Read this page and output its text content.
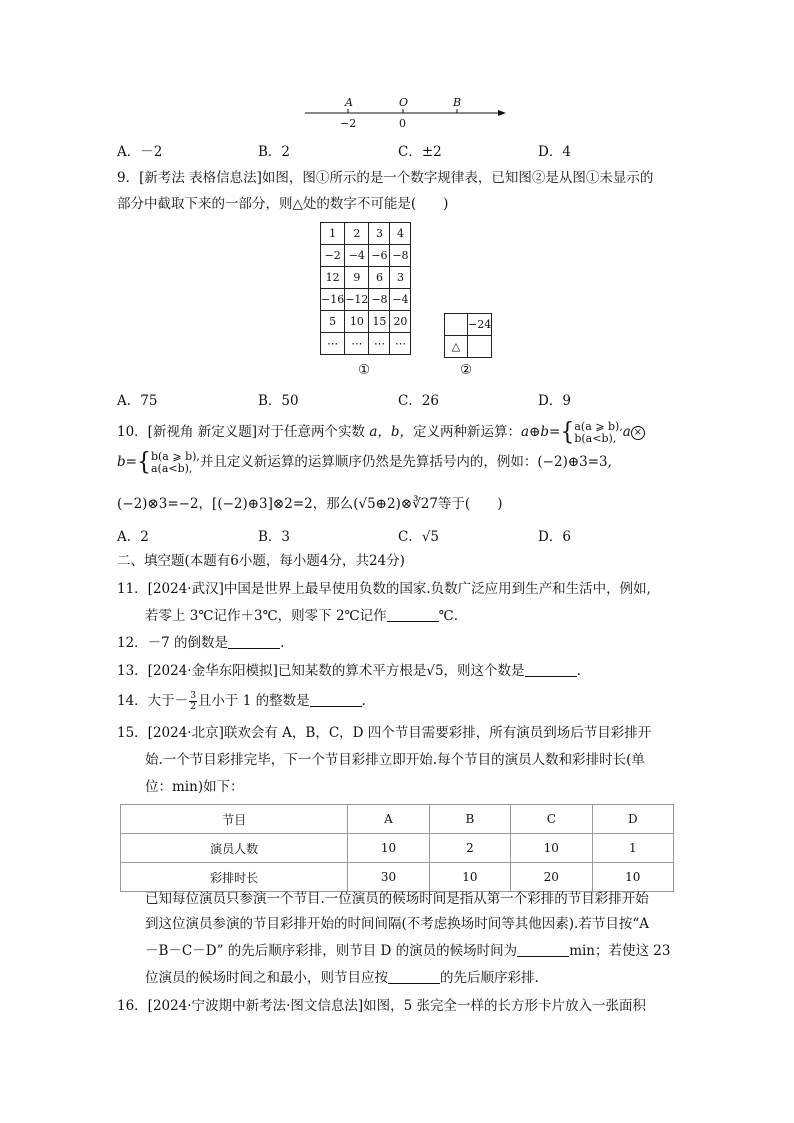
A	O	B
−2	0
A．－2	B．2	C．±2	D．4
9．[新考法 表格信息法]如图，图①所示的是一个数字规律表，已知图②是从图①未显示的
部分中截取下来的一部分，则△处的数字不可能是(　　)
1	2	3	4
−2	−4	−6	−8
12	9	6	3
−16	−12	−8	−4
5	10	15	20
⋯	⋯	⋯	⋯
	−24
△	
①	②
A．75	B．50	C．26	D．9
10．[新视角 新定义题]对于任意两个实数 a，b，定义两种新运算：a⊕b={ a(a ⩾ b),
b(a<b), a ×
b={ b(a ⩾ b),
a(a<b), 并且定义新运算的运算顺序仍然是先算括号内的，例如：(−2)⊕3=3,
(−2)⊗3=−2，[(−2)⊕3]⊗2=2，那么(√5⊕2)⊗∛27等于(　　)
A．2	B．3	C．√5	D．6
二、填空题(本题有6小题，每小题4分，共24分)
11．[2024·武汉]中国是世界上最早使用负数的国家.负数广泛应用到生产和生活中，例如,
若零上 3℃记作＋3℃，则零下 2℃记作	℃.
12．－7 的倒数是	.
13．[2024·金华东阳模拟]已知某数的算术平方根是√5，则这个数是	.
14．大于－ $\frac{3}{2}$ 且小于 1 的整数是	.
15．[2024·北京]联欢会有 A，B，C，D 四个节目需要彩排，所有演员到场后节目彩排开
始.一个节目彩排完毕，下一个节目彩排立即开始.每个节目的演员人数和彩排时长(单
位：min)如下：
节目	A	B	C	D
演员人数	10	2	10	1
彩排时长	30	10	20	10
已知每位演员只参演一个节目.一位演员的候场时间是指从第一个彩排的节目彩排开始
到这位演员参演的节目彩排开始的时间间隔(不考虑换场时间等其他因素).若节目按“A
－B－C－D” 的先后顺序彩排，则节目 D 的演员的候场时间为	min；若使这 23
位演员的候场时间之和最小，则节目应按	的先后顺序彩排.
16．[2024·宁波期中新考法·图文信息法]如图，5 张完全一样的长方形卡片放入一张面积
